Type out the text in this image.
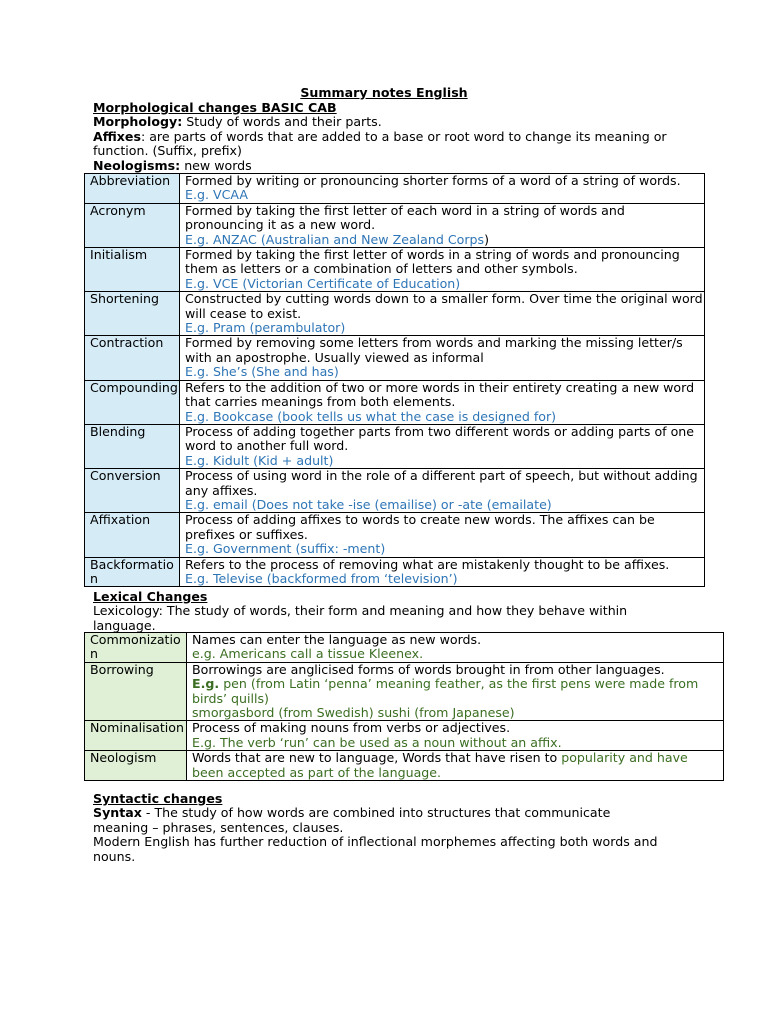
Summary notes English
Morphological changes BASIC CAB
Morphology: Study of words and their parts.
Affixes: are parts of words that are added to a base or root word to change its meaning or function. (Suffix, prefix)
Neologisms: new words
Abbreviation	Formed by writing or pronouncing shorter forms of a word of a string of words.
E.g. VCAA

Acronym	Formed by taking the first letter of each word in a string of words and pronouncing it as a new word.
E.g. ANZAC (Australian and New Zealand Corps)

Initialism	Formed by taking the first letter of words in a string of words and pronouncing them as letters or a combination of letters and other symbols.
E.g. VCE (Victorian Certificate of Education)

Shortening	Constructed by cutting words down to a smaller form. Over time the original word will cease to exist.
E.g. Pram (perambulator)

Contraction	Formed by removing some letters from words and marking the missing letter/s with an apostrophe. Usually viewed as informal
E.g. She’s (She and has)

Compounding	Refers to the addition of two or more words in their entirety creating a new word that carries meanings from both elements.
E.g. Bookcase (book tells us what the case is designed for)

Blending	Process of adding together parts from two different words or adding parts of one word to another full word.
E.g. Kidult (Kid + adult)

Conversion	Process of using word in the role of a different part of speech, but without adding any affixes.
E.g. email (Does not take -ise (emailise) or -ate (emailate)

Affixation	Process of adding affixes to words to create new words. The affixes can be prefixes or suffixes.
E.g. Government (suffix: -ment)

Backformation	Refers to the process of removing what are mistakenly thought to be affixes.
E.g. Televise (backformed from ‘television’)
Lexical Changes
Lexicology: The study of words, their form and meaning and how they behave within language.
Commonization	Names can enter the language as new words.
e.g. Americans call a tissue Kleenex.

Borrowing	Borrowings are anglicised forms of words brought in from other languages.
E.g. pen (from Latin ‘penna’ meaning feather, as the first pens were made from birds’ quills)
smorgasbord (from Swedish) sushi (from Japanese)

Nominalisation	Process of making nouns from verbs or adjectives.
E.g. The verb ‘run’ can be used as a noun without an affix.

Neologism	Words that are new to language, Words that have risen to popularity and have been accepted as part of the language.
Syntactic changes
Syntax - The study of how words are combined into structures that communicate meaning – phrases, sentences, clauses.
Modern English has further reduction of inflectional morphemes affecting both words and nouns.
